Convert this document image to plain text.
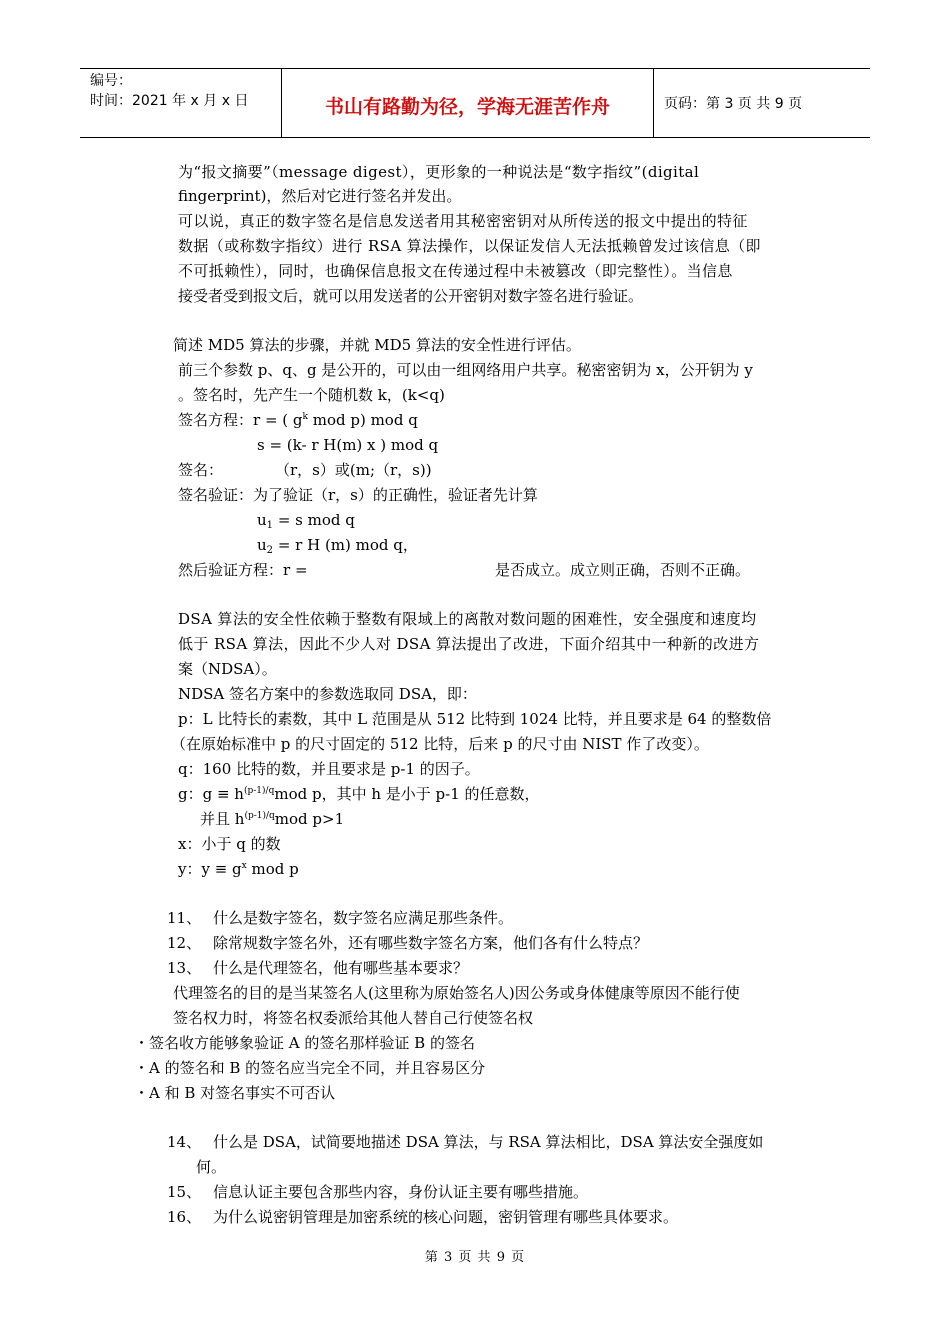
编号：
时间：2021 年 x 月 x 日	书山有路勤为径，学海无涯苦作舟	页码：第 3 页 共 9 页
为“报文摘要”（message digest），更形象的一种说法是“数字指纹”(digital
fingerprint)，然后对它进行签名并发出。
可以说，真正的数字签名是信息发送者用其秘密密钥对从所传送的报文中提出的特征
数据（或称数字指纹）进行 RSA 算法操作，以保证发信人无法抵赖曾发过该信息（即
不可抵赖性），同时，也确保信息报文在传递过程中未被篡改（即完整性）。当信息
接受者受到报文后，就可以用发送者的公开密钥对数字签名进行验证。
简述 MD5 算法的步骤，并就 MD5 算法的安全性进行评估。
前三个参数 p、q、g 是公开的，可以由一组网络用户共享。秘密密钥为 x，公开钥为 y
。签名时，先产生一个随机数 k，(k<q)
签名方程：r = ( $g^k$ mod p) mod q
s = (k- r H(m) x ) mod q
签名：	（r，s）或(m;（r，s))
签名验证：为了验证（r，s）的正确性，验证者先计算
$u_1 = s$ mod q
$u_2 = r$ H (m) mod q，
然后验证方程：r =	是否成立。成立则正确，否则不正确。
DSA 算法的安全性依赖于整数有限域上的离散对数问题的困难性，安全强度和速度均
低于 RSA 算法，因此不少人对 DSA 算法提出了改进，下面介绍其中一种新的改进方
案（NDSA）。
NDSA 签名方案中的参数选取同 DSA，即：
p：L 比特长的素数，其中 L 范围是从 512 比特到 1024 比特，并且要求是 64 的整数倍
（在原始标准中 p 的尺寸固定的 512 比特，后来 p 的尺寸由 NIST 作了改变）。
q：160 比特的数，并且要求是 p-1 的因子。
g：$g \equiv h^{(p-1)/q}mod$ p，其中 h 是小于 p-1 的任意数，
并且 $h^{(p-1)/q}mod$ p>1
x：小于 q 的数
y：$y \equiv g^x$ mod p
11、 什么是数字签名，数字签名应满足那些条件。
12、 除常规数字签名外，还有哪些数字签名方案，他们各有什么特点？
13、 什么是代理签名，他有哪些基本要求？
代理签名的目的是当某签名人(这里称为原始签名人)因公务或身体健康等原因不能行使
签名权力时，将签名权委派给其他人替自己行使签名权
・ 签名收方能够象验证 A 的签名那样验证 B 的签名
・ A 的签名和 B 的签名应当完全不同，并且容易区分
・ A 和 B 对签名事实不可否认
14、 什么是 DSA，试简要地描述 DSA 算法，与 RSA 算法相比，DSA 算法安全强度如
何。
15、 信息认证主要包含那些内容，身份认证主要有哪些措施。
16、 为什么说密钥管理是加密系统的核心问题，密钥管理有哪些具体要求。
第 3 页 共 9 页
